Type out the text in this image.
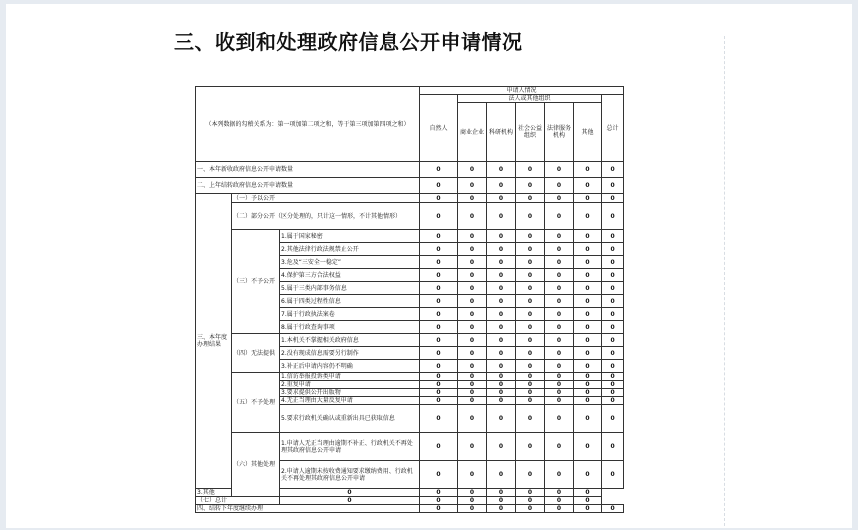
三、收到和处理政府信息公开申请情况
（本列数据的勾稽关系为：第一项加第二项之和，等于第三项加第四项之和）			申请人情况						
			自然人	法人或其他组织					总计
				商业企业	科研机构	社会公益组织	法律服务机构	其他	
一、本年新收政府信息公开申请数量			0	0	0	0	0	0	0
二、上年结转政府信息公开申请数量			0	0	0	0	0	0	0
三、本年度办理结果	（一）予以公开		0	0	0	0	0	0	0
	（二）部分公开（区分处理的，只计这一情形，不计其他情形）		0	0	0	0	0	0	0
	（三）不予公开	1.属于国家秘密	0	0	0	0	0	0	0
		2.其他法律行政法规禁止公开	0	0	0	0	0	0	0
		3.危及“三安全一稳定”	0	0	0	0	0	0	0
		4.保护第三方合法权益	0	0	0	0	0	0	0
		5.属于三类内部事务信息	0	0	0	0	0	0	0
		6.属于四类过程性信息	0	0	0	0	0	0	0
		7.属于行政执法案卷	0	0	0	0	0	0	0
		8.属于行政查询事项	0	0	0	0	0	0	0
	（四）无法提供	1.本机关不掌握相关政府信息	0	0	0	0	0	0	0
		2.没有现成信息需要另行制作	0	0	0	0	0	0	0
		3.补正后申请内容仍不明确	0	0	0	0	0	0	0
	（五）不予处理	1.信访举报投诉类申请	0	0	0	0	0	0	0
		2.重复申请	0	0	0	0	0	0	0
		3.要求提供公开出版物	0	0	0	0	0	0	0
		4.无正当理由大量反复申请	0	0	0	0	0	0	0
		5.要求行政机关确认或重新出具已获取信息	0	0	0	0	0	0	0
	（六）其他处理	1.申请人无正当理由逾期不补正、行政机关不再处理其政府信息公开申请	0	0	0	0	0	0	0
		2.申请人逾期未按收费通知要求缴纳费用、行政机关不再处理其政府信息公开申请	0	0	0	0	0	0	0
3.其他		0	0	0	0	0	0	0	
（七）总计		0	0	0	0	0	0	0	
四、结转下年度继续办理			0	0	0	0	0	0	0
